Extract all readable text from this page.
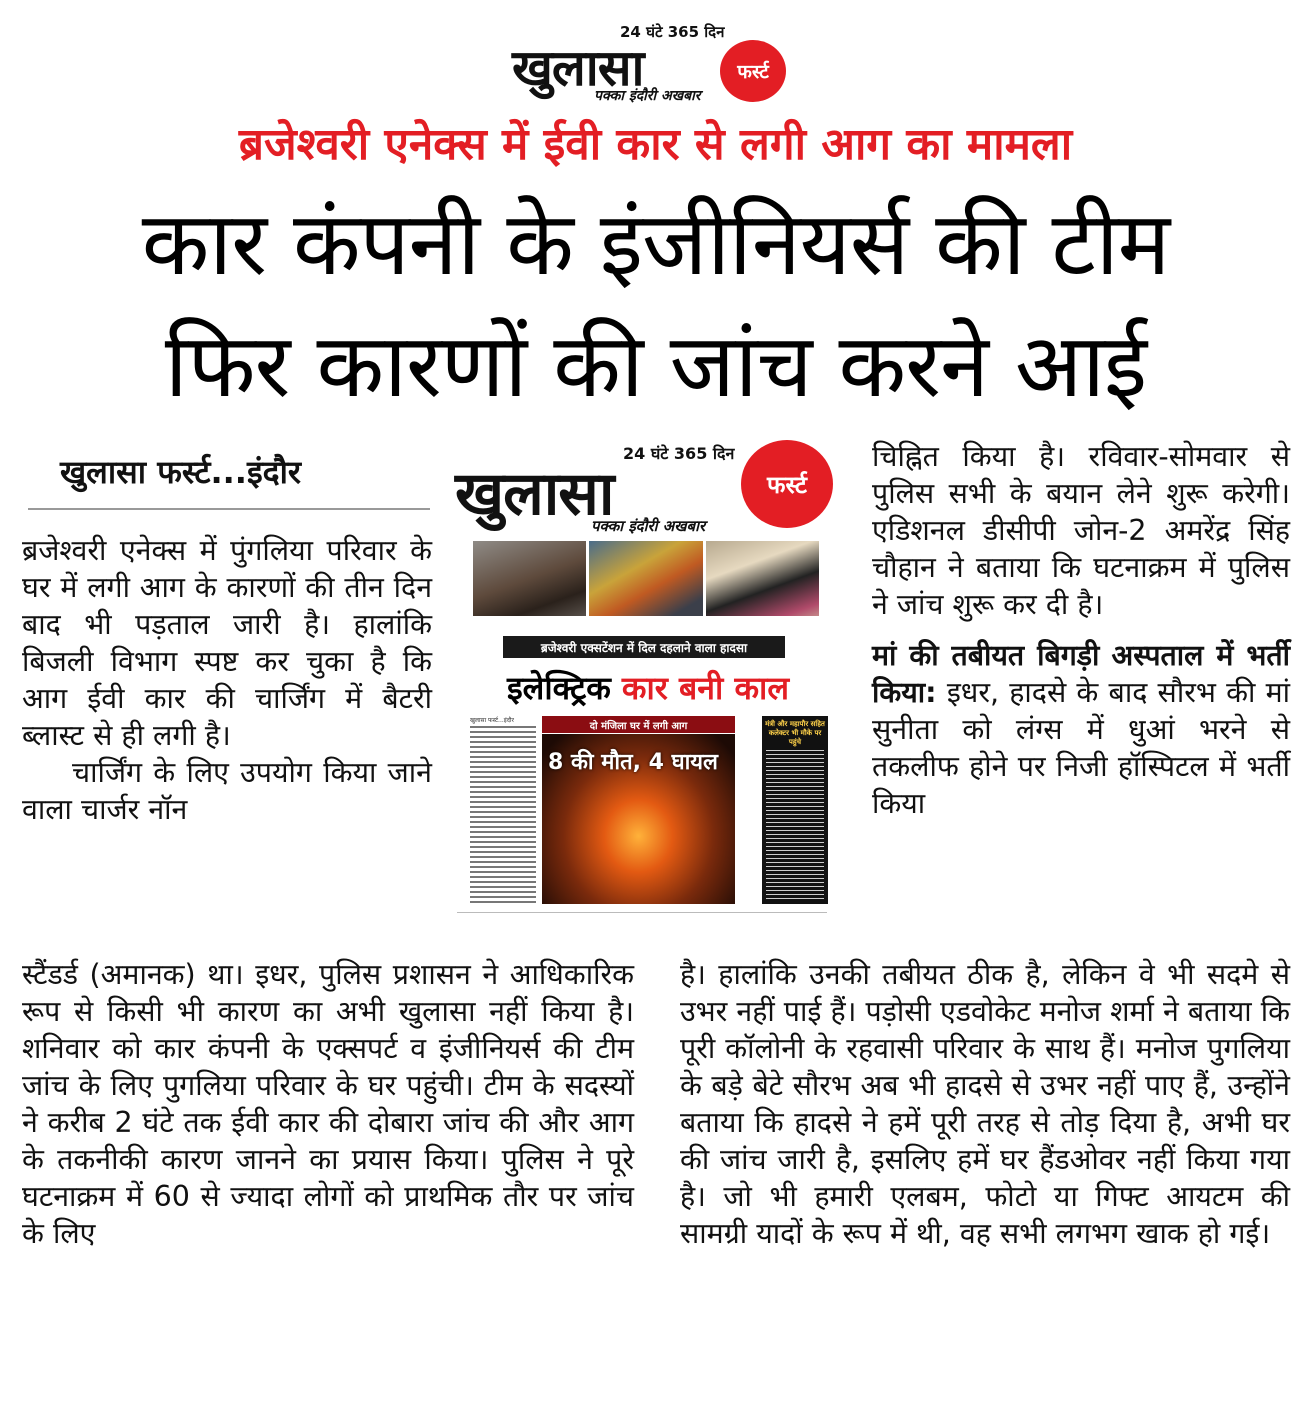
24 घंटे 365 दिन
खुलासा	फर्स्ट
पक्का इंदौरी अखबार
ब्रजेश्वरी एनेक्स में ईवी कार से लगी आग का मामला
कार कंपनी के इंजीनियर्स की टीम
फिर कारणों की जांच करने आई
खुलासा फर्स्ट...इंदौर

ब्रजेश्वरी एनेक्स में पुंगलिया परिवार के घर में लगी आग के कारणों की तीन दिन बाद भी पड़ताल जारी है। हालांकि बिजली विभाग स्पष्ट कर चुका है कि आग ईवी कार की चार्जिंग में बैटरी ब्लास्ट से ही लगी है।

चार्जिंग के लिए उपयोग किया जाने वाला चार्जर नॉन

स्टैंडर्ड (अमानक) था। इधर, पुलिस प्रशासन ने आधिकारिक रूप से किसी भी कारण का अभी खुलासा नहीं किया है। शनिवार को कार कंपनी के एक्सपर्ट व इंजीनियर्स की टीम जांच के लिए पुगलिया परिवार के घर पहुंची। टीम के सदस्यों ने करीब 2 घंटे तक ईवी कार की दोबारा जांच की और आग के तकनीकी कारण जानने का प्रयास किया। पुलिस ने पूरे घटनाक्रम में 60 से ज्यादा लोगों को प्राथमिक तौर पर जांच के लिए

चिह्नित किया है। रविवार-सोमवार से पुलिस सभी के बयान लेने शुरू करेगी। एडिशनल डीसीपी जोन-2 अमरेंद्र सिंह चौहान ने बताया कि घटनाक्रम में पुलिस ने जांच शुरू कर दी है।

मां की तबीयत बिगड़ी अस्पताल में भर्ती किया: इधर, हादसे के बाद सौरभ की मां सुनीता को लंग्स में धुआं भरने से तकलीफ होने पर निजी हॉस्पिटल में भर्ती किया

है। हालांकि उनकी तबीयत ठीक है, लेकिन वे भी सदमे से उभर नहीं पाई हैं। पड़ोसी एडवोकेट मनोज शर्मा ने बताया कि पूरी कॉलोनी के रहवासी परिवार के साथ हैं। मनोज पुगलिया के बड़े बेटे सौरभ अब भी हादसे से उभर नहीं पाए हैं, उन्होंने बताया कि हादसे ने हमें पूरी तरह से तोड़ दिया है, अभी घर की जांच जारी है, इसलिए हमें घर हैंडओवर नहीं किया गया है। जो भी हमारी एलबम, फोटो या गिफ्ट आयटम की सामग्री यादों के रूप में थी, वह सभी लगभग खाक हो गई।

24 घंटे 365 दिन
खुलासा	फर्स्ट
पक्का इंदौरी अखबार
ब्रजेश्वरी एक्सटेंशन में दिल दहलाने वाला हादसा
इलेक्ट्रिक कार बनी काल
खुलासा फर्स्ट...इंदौर	दो मंजिला घर में लगी आग
8 की मौत, 4 घायल
मंत्री और महापौर सहित कलेक्टर भी मौके पर पहुंचे
